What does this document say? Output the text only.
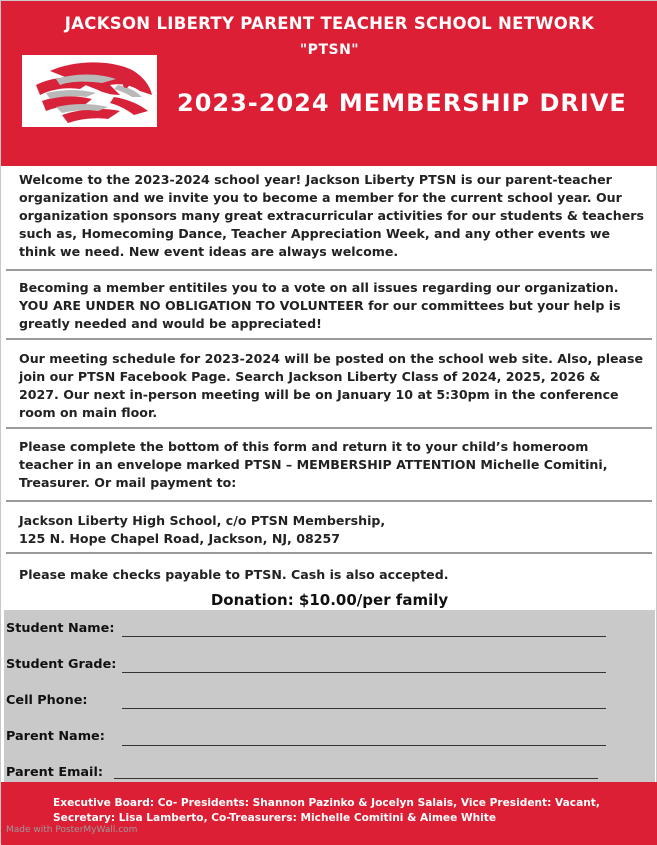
JACKSON LIBERTY PARENT TEACHER SCHOOL NETWORK
"PTSN"
2023-2024 MEMBERSHIP DRIVE

Welcome to the 2023-2024 school year! Jackson Liberty PTSN is our parent-teacher organization and we invite you to become a member for the current school year. Our organization sponsors many great extracurricular activities for our students & teachers such as, Homecoming Dance, Teacher Appreciation Week, and any other events we think we need. New event ideas are always welcome.

Becoming a member entitiles you to a vote on all issues regarding our organization. YOU ARE UNDER NO OBLIGATION TO VOLUNTEER for our committees but your help is greatly needed and would be appreciated!

Our meeting schedule for 2023-2024 will be posted on the school web site. Also, please join our PTSN Facebook Page. Search Jackson Liberty Class of 2024, 2025, 2026 & 2027. Our next in-person meeting will be on January 10 at 5:30pm in the conference room on main floor.

Please complete the bottom of this form and return it to your child’s homeroom teacher in an envelope marked PTSN – MEMBERSHIP ATTENTION Michelle Comitini, Treasurer. Or mail payment to:

Jackson Liberty High School, c/o PTSN Membership,

125 N. Hope Chapel Road, Jackson, NJ, 08257

Please make checks payable to PTSN. Cash is also accepted.

Donation: $10.00/per family
Student Name:
Student Grade:
Cell Phone:
Parent Name:
Parent Email:

Executive Board: Co- Presidents: Shannon Pazinko & Jocelyn Salais, Vice President: Vacant,
Secretary: Lisa Lamberto, Co-Treasurers: Michelle Comitini & Aimee White

Made with PosterMyWall.com
